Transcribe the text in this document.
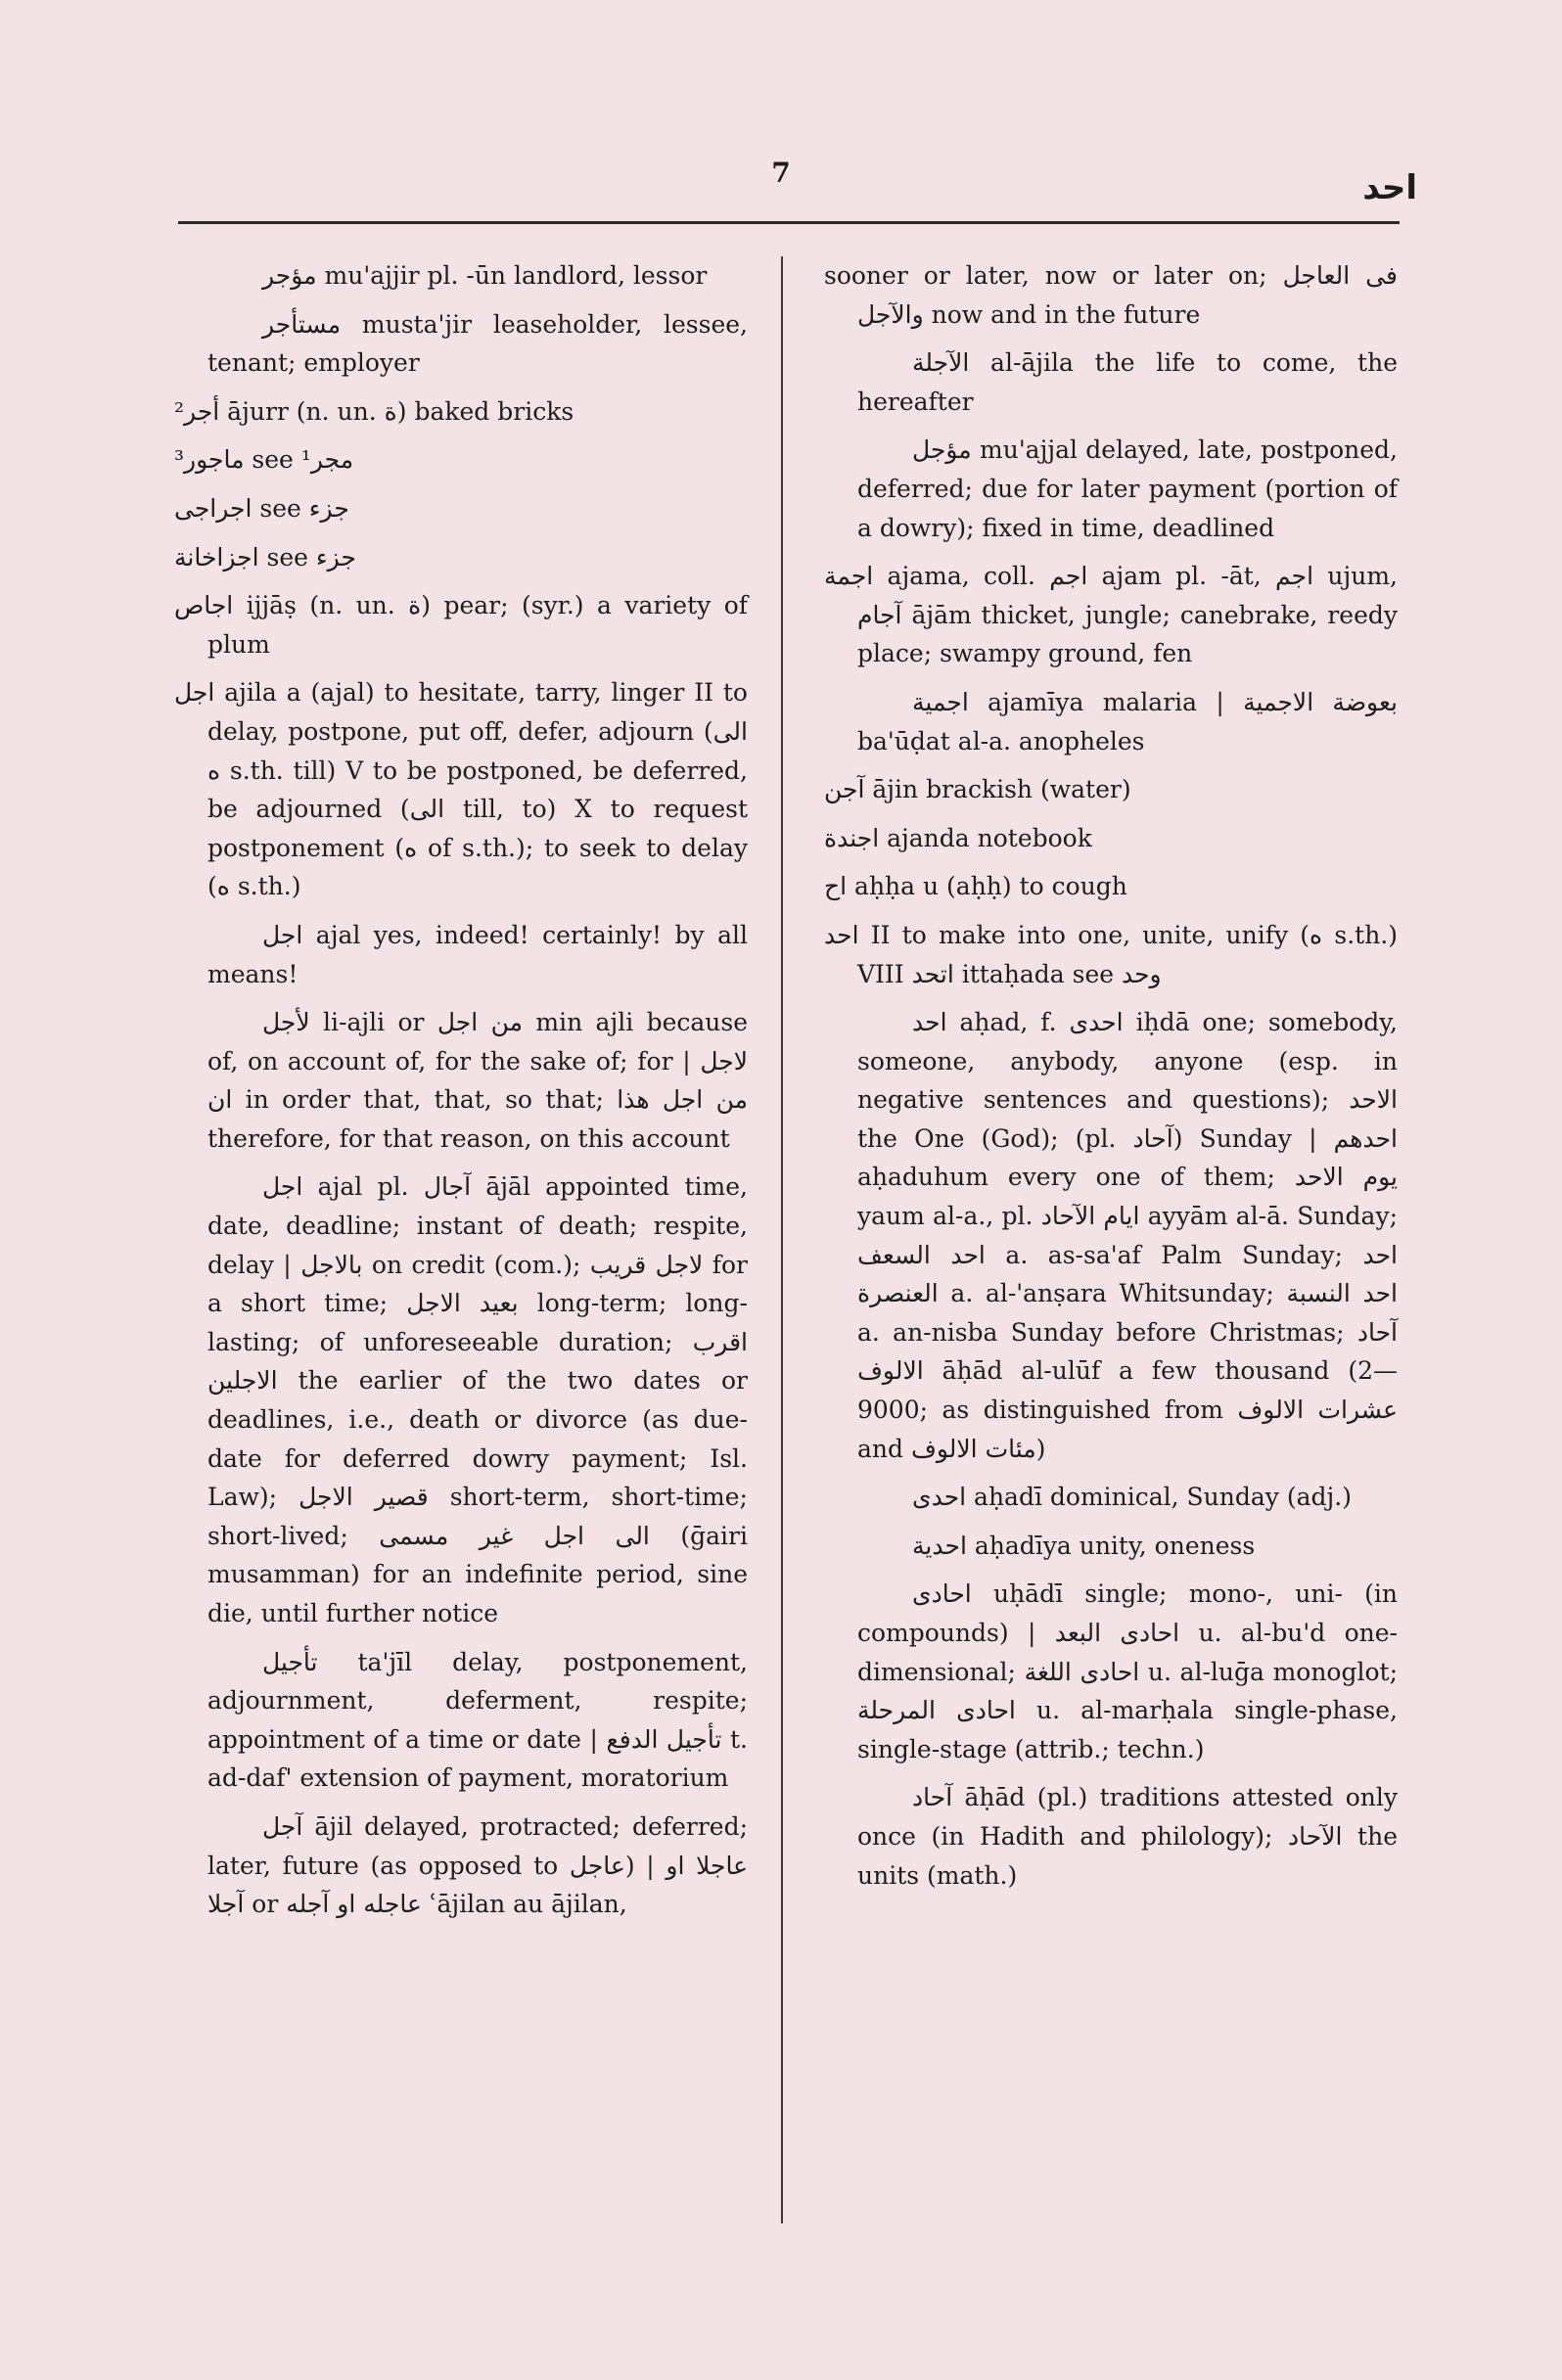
7	احد

مؤجر mu'ajjir pl. -ūn landlord, lessor

مستأجر musta'jir leaseholder, lessee, tenant; employer

²أجر ājurr (n. un. ة) baked bricks

³ماجور see ¹مجر

اجراجى see جزء

اجزاخانة see جزء

اجاص ijjāṣ (n. un. ة) pear; (syr.) a variety of plum

اجل ajila a (ajal) to hesitate, tarry, linger II to delay, postpone, put off, defer, adjourn (الى ه s.th. till) V to be postponed, be deferred, be adjourned (الى till, to) X to request postponement (ه of s.th.); to seek to delay (ه s.th.)

اجل ajal yes, indeed! certainly! by all means!

لأجل li-ajli or من اجل min ajli because of, on account of, for the sake of; for | لاجل ان in order that, that, so that; من اجل هذا therefore, for that reason, on this account

اجل ajal pl. آجال ājāl appointed time, date, deadline; instant of death; respite, delay | بالاجل on credit (com.); لاجل قريب for a short time; بعيد الاجل long-term; long-lasting; of unforeseeable duration; اقرب الاجلين the earlier of the two dates or deadlines, i.e., death or divorce (as due-date for deferred dowry payment; Isl. Law); قصير الاجل short-term, short-time; short-lived; الى اجل غير مسمى (ḡairi musamman) for an indefinite period, sine die, until further notice

تأجيل ta'jīl delay, postponement, adjournment, deferment, respite; appointment of a time or date | تأجيل الدفع t. ad-daf' extension of payment, moratorium

آجل ājil delayed, protracted; deferred; later, future (as opposed to عاجل) | عاجلا او آجلا or عاجله او آجله ʿājilan au ājilan,

sooner or later, now or later on; فى العاجل والآجل now and in the future

الآجلة al-ājila the life to come, the hereafter

مؤجل mu'ajjal delayed, late, postponed, deferred; due for later payment (portion of a dowry); fixed in time, deadlined

اجمة ajama, coll. اجم ajam pl. -āt, اجم ujum, آجام ājām thicket, jungle; canebrake, reedy place; swampy ground, fen

اجمية ajamīya malaria | بعوضة الاجمية ba'ūḍat al-a. anopheles

آجن ājin brackish (water)

اجندة ajanda notebook

اح aḥḥa u (aḥḥ) to cough

احد II to make into one, unite, unify (ه s.th.) VIII اتحد ittaḥada see وحد

احد aḥad, f. احدى iḥdā one; somebody, someone, anybody, anyone (esp. in negative sentences and questions); الاحد the One (God); (pl. آحاد) Sunday | احدهم aḥaduhum every one of them; يوم الاحد yaum al-a., pl. ايام الآحاد ayyām al-ā. Sunday; احد السعف a. as-sa'af Palm Sunday; احد العنصرة a. al-'anṣara Whitsunday; احد النسبة a. an-nisba Sunday before Christmas; آحاد الالوف āḥād al-ulūf a few thousand (2—9000; as distinguished from عشرات الالوف and مئات الالوف)

احدى aḥadī dominical, Sunday (adj.)

احدية aḥadīya unity, oneness

احادى uḥādī single; mono-, uni- (in compounds) | احادى البعد u. al-bu'd one-dimensional; احادى اللغة u. al-luḡa monoglot; احادى المرحلة u. al-marḥala single-phase, single-stage (attrib.; techn.)

آحاد āḥād (pl.) traditions attested only once (in Hadith and philology); الآحاد the units (math.)
